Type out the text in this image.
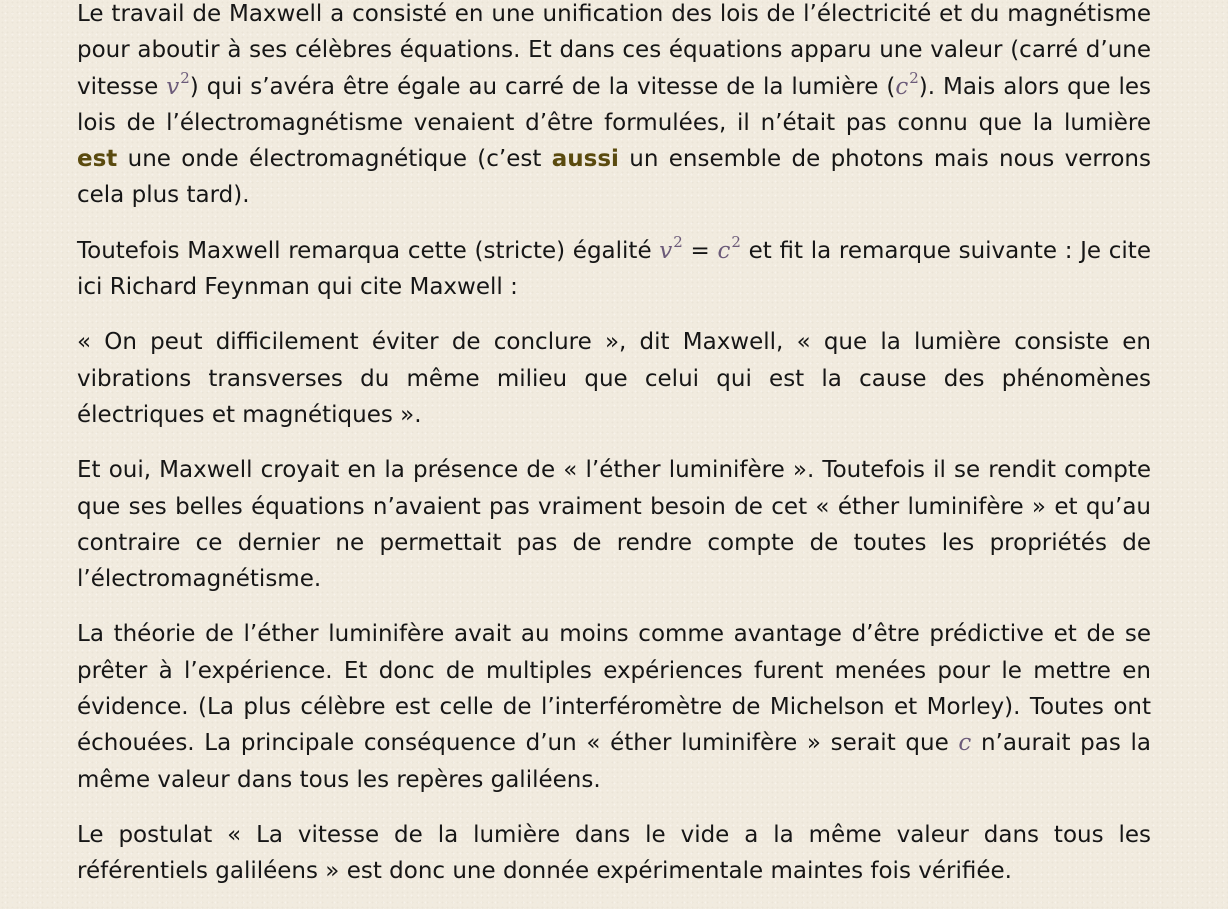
Le travail de Maxwell a consisté en une unification des lois de l’électricité et du magnétisme pour aboutir à ses célèbres équations. Et dans ces équations apparu une valeur (carré d’une vitesse $v^2$) qui s’avéra être égale au carré de la vitesse de la lumière $(c^2)$. Mais alors que les lois de l’électromagnétisme venaient d’être formulées, il n’était pas connu que la lumière est une onde électromagnétique (c’est aussi un ensemble de photons mais nous verrons cela plus tard).

Toutefois Maxwell remarqua cette (stricte) égalité $v^2 = c^2$ et fit la remarque suivante : Je cite ici Richard Feynman qui cite Maxwell :

« On peut difficilement éviter de conclure », dit Maxwell, « que la lumière consiste en vibrations transverses du même milieu que celui qui est la cause des phénomènes électriques et magnétiques ».

Et oui, Maxwell croyait en la présence de « l’éther luminifère ». Toutefois il se rendit compte que ses belles équations n’avaient pas vraiment besoin de cet « éther luminifère » et qu’au contraire ce dernier ne permettait pas de rendre compte de toutes les propriétés de l’électromagnétisme.

La théorie de l’éther luminifère avait au moins comme avantage d’être prédictive et de se prêter à l’expérience. Et donc de multiples expériences furent menées pour le mettre en évidence. (La plus célèbre est celle de l’interféromètre de Michelson et Morley). Toutes ont échouées. La principale conséquence d’un « éther luminifère » serait que c n’aurait pas la même valeur dans tous les repères galiléens.

Le postulat « La vitesse de la lumière dans le vide a la même valeur dans tous les référentiels galiléens » est donc une donnée expérimentale maintes fois vérifiée.
